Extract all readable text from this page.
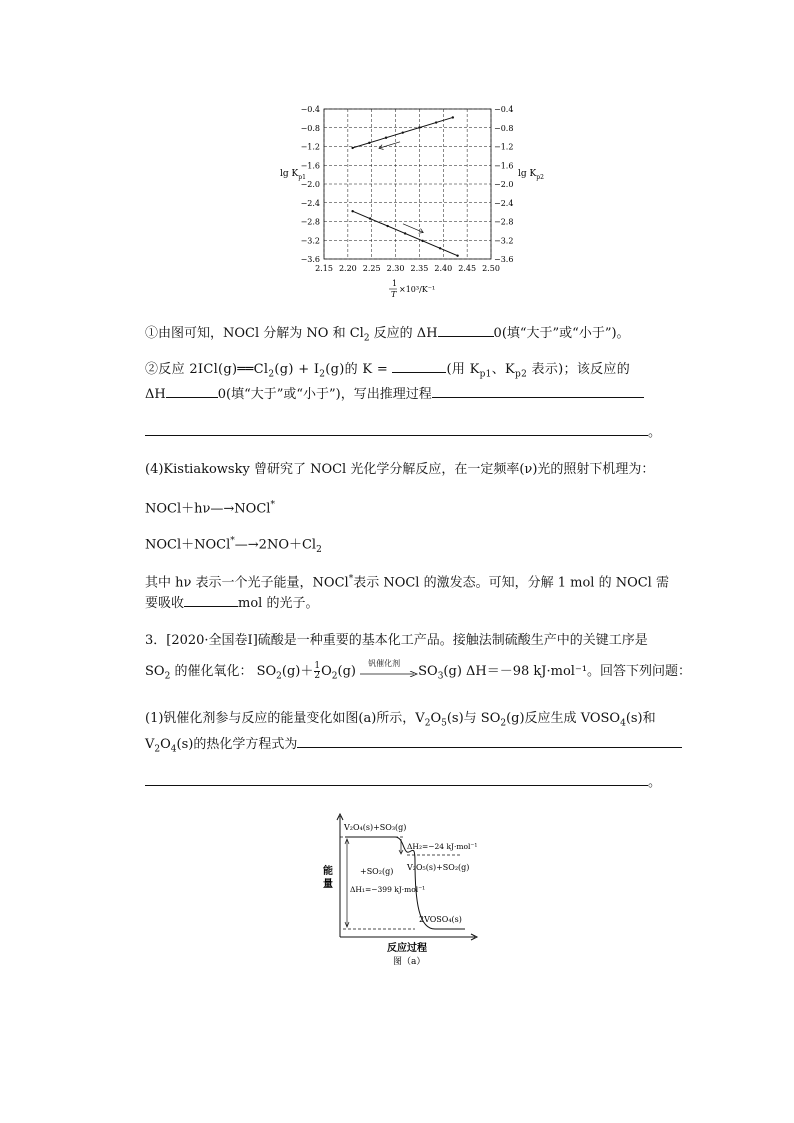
−0.4	−0.4
−0.8	−0.8
−1.2	−1.2
−1.6	−1.6
−2.0	−2.0
−2.4	−2.4
−2.8	−2.8
−3.2	−3.2
−3.6	−3.6
2.15 2.20 2.25 2.30 2.35 2.40 2.45 2.50
$\lg K_{p1}$	$\lg K_{p2}$
1
T
×10³/K⁻¹
①由图可知，NOCl 分解为 NO 和 $Cl_2$ 反应的 ΔH	0(填“大于”或“小于”)。
②反应 $2ICl(g)══Cl_2(g) + I_2(g)$的 K =	(用 $K_{p1}$、$K_{p2}$ 表示)；该反应的
ΔH	0(填“大于”或“小于”)，写出推理过程
。
(4)Kistiakowsky 曾研究了 NOCl 光化学分解反应，在一定频率(ν)光的照射下机理为：
NOCl＋hν—→NOCl*
$NOCl+NOCl^*—\to 2NO+Cl_2$
其中 hν 表示一个光子能量，NOCl*表示 NOCl 的激发态。可知，分解 1 mol 的 NOCl 需
要吸收	mol 的光子。
3．[2020·全国卷Ⅰ]硫酸是一种重要的基本化工产品。接触法制硫酸生产中的关键工序是
$SO_2$ 的催化氧化： $SO_2(g)+ \frac{1}{2} O_2(g)$
钒催化剂
$SO_3(g)$ ΔH＝－98 kJ·mol⁻¹。回答下列问题：
(1)钒催化剂参与反应的能量变化如图(a)所示，$V_2O_5(s)$与 $SO_2(g)$反应生成 $VOSO_4(s)$和
$V_2O_4(s)$的热化学方程式为
。
V₂O₄(s)+SO₃(g)
ΔH₂=−24 kJ·mol⁻¹
V₂O₅(s)+SO₂(g)
+SO₂(g)
ΔH₁=−399 kJ·mol⁻¹
2VOSO₄(s)
能
量
反应过程
图（a）
